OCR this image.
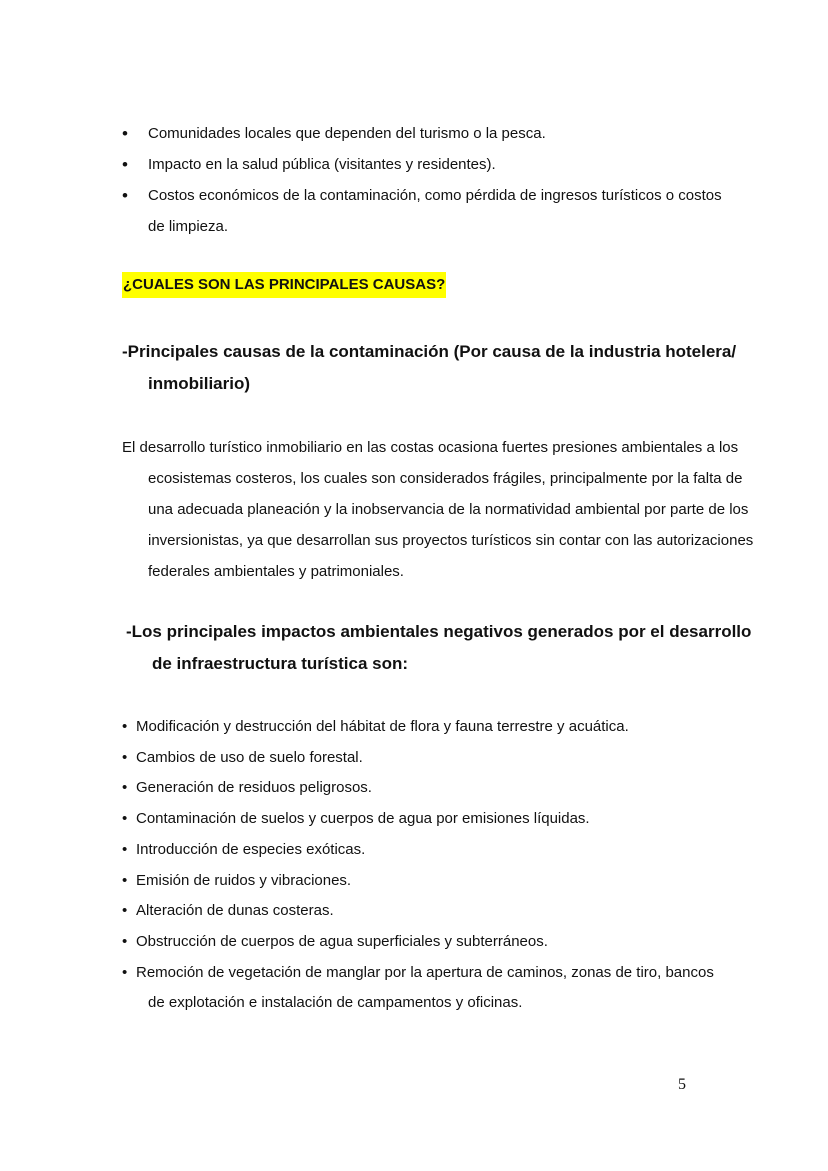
• Comunidades locales que dependen del turismo o la pesca.
• Impacto en la salud pública (visitantes y residentes).
• Costos económicos de la contaminación, como pérdida de ingresos turísticos o costos de limpieza.
¿CUALES SON LAS PRINCIPALES CAUSAS?
-Principales causas de la contaminación (Por causa de la industria hotelera/ inmobiliario)
El desarrollo turístico inmobiliario en las costas ocasiona fuertes presiones ambientales a los ecosistemas costeros, los cuales son considerados frágiles, principalmente por la falta de una adecuada planeación y la inobservancia de la normatividad ambiental por parte de los inversionistas, ya que desarrollan sus proyectos turísticos sin contar con las autorizaciones federales ambientales y patrimoniales.
-Los principales impactos ambientales negativos generados por el desarrollo de infraestructura turística son:
• Modificación y destrucción del hábitat de flora y fauna terrestre y acuática.
• Cambios de uso de suelo forestal.
• Generación de residuos peligrosos.
• Contaminación de suelos y cuerpos de agua por emisiones líquidas.
• Introducción de especies exóticas.
• Emisión de ruidos y vibraciones.
• Alteración de dunas costeras.
• Obstrucción de cuerpos de agua superficiales y subterráneos.
• Remoción de vegetación de manglar por la apertura de caminos, zonas de tiro, bancos de explotación e instalación de campamentos y oficinas.
5
